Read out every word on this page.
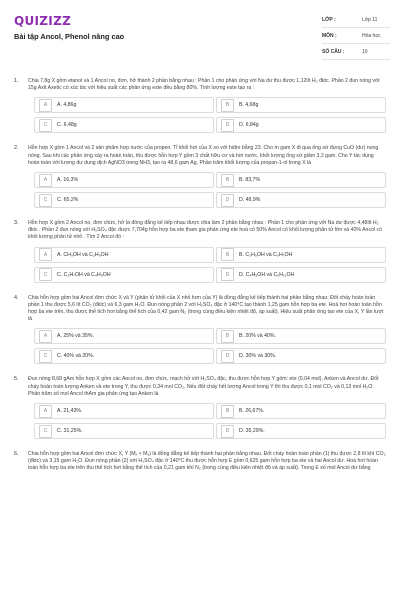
QUIZIZZ
Bài tập Ancol, Phenol nâng cao
LỚP :	Lớp 11
MÔN :	Hóa học
SỐ CÂU :	10
1.	Chia 7,8g X gồm etanol và 1 Ancol no, đơn, hở thành 2 phần bằng nhau : Phần 1 cho phản ứng với Na dư thu được 1,12lít H₂ đktc. Phần 2 đun nóng với 15g Axit Axetic có xúc tác với hiệu suất các phản ứng este đều bằng 80%. Tính lượng este tạo ra :
A	A. 4,86g	B	B. 4,68g
C	C. 6,48g	D	D. 6,84g
2.	Hỗn hợp X gồm 1 Ancol và 2 sản phẩm hợp nước của propen. Tỉ khối hơi của X so với hiđro bằng 23. Cho m gam X đi qua ống sứ đựng CuO (dư) nung nóng. Sau khi các phản ứng xảy ra hoàn toàn, thu được hỗn hợp Y gồm 3 chất hữu cơ và hơi nước, khối lượng ống sứ giảm 3,2 gam. Cho Y tác dụng hoàn toàn với lượng dư dung dịch AgNO3 trong NH3, tạo ra 48,6 gam Ag. Phần trăm khối lượng của propan-1-ol trong X là
A	A. 16,3%	B	B. 83,7%
C	C. 65,2%	D	D. 48,9%
3.	Hỗn hợp X gồm 2 Ancol no, đơn chức, hở là đồng đẳng kế tiếp nhau được chia làm 2 phần bằng nhau : Phần 1 cho phản ứng với Na dư được 4,48lít H₂ đktc . Phần 2 đun nóng với H₂SO₄ đặc được 7,704g hỗn hợp ba ete tham gia phản ứng ete hoá có 50% Ancol có khối lượng phân tử lớn và 40% Ancol có khối lượng phân tử nhỏ . Tìm 2 Ancol đó :
A	A. CH₃OH và C₂H₅OH	B	B. C₂H₅OH và C₃H₇OH
C	C. C₃H₇OH và C₄H₉OH	D	D. C₄H₉OH và C₅H₁₁OH
4.	Chia hỗn hợp gồm hai Ancol đơn chức X và Y (phân tử khối của X nhỏ hơn của Y) là đồng đẳng kế tiếp thành hai phần bằng nhau: Đốt cháy hoàn toàn phần 1 thu được 5,6 lít CO₂ (đktc) và 6,3 gam H₂O. Đun nóng phần 2 với H₂SO₄ đặc ở 140°C tạo thành 1,25 gam hỗn hợp ba ete. Hoá hơi hoàn toàn hỗn hợp ba ete trên, thu được thể tích hơi bằng thể tích của 0,42 gam N₂ (trong cùng điều kiện nhiệt độ, áp suất). Hiệu suất phản ứng tạo ete của X, Y lần lượt là
A	A. 25% và 35%.	B	B. 20% và 40%.
C	C. 40% và 20%.	D	D. 30% và 30%.
5.	Đun nóng 8,68 gAm hỗn hợp X gồm các Ancol no, đơn chức, mạch hở với H₂SO₄ đặc, thu được hỗn hợp Y gồm: ete (0,04 mol), Anken và Ancol dư. Đốt cháy hoàn toàn lượng Anken và ete trong Y, thu được 0,34 mol CO₂. Nếu đốt cháy hết lượng Ancol trong Y thì thu được 0,1 mol CO₂ và 0,13 mol H₂O. Phần trăm số mol Ancol thAm gia phản ứng tạo Anken là
A	A. 21,43%.	B	B. 26,67%.
C	C. 31,25%.	D	D. 35,29%.
6.	Chia hỗn hợp gồm hai Ancol đơn chức X, Y (Mₓ < Mᵧ) là đồng đẳng kế tiếp thành hai phần bằng nhau. Đốt cháy hoàn toàn phần (1) thu được 2,8 lít khí CO₂ (đktc) và 3,15 gam H₂O. Đun nóng phần (2) với H₂SO₄ đặc ở 140°C thu được hỗn hợp E gồm 0,625 gam hỗn hợp ba ete và hai Ancol dư. Hoá hơi hoàn toàn hỗn hợp ba ete trên thu thể tích hơi bằng thể tích của 0,21 gam khí N₂ (trong cùng điều kiện nhiệt độ và áp suất). Trong E số mol Ancol dư bằng
